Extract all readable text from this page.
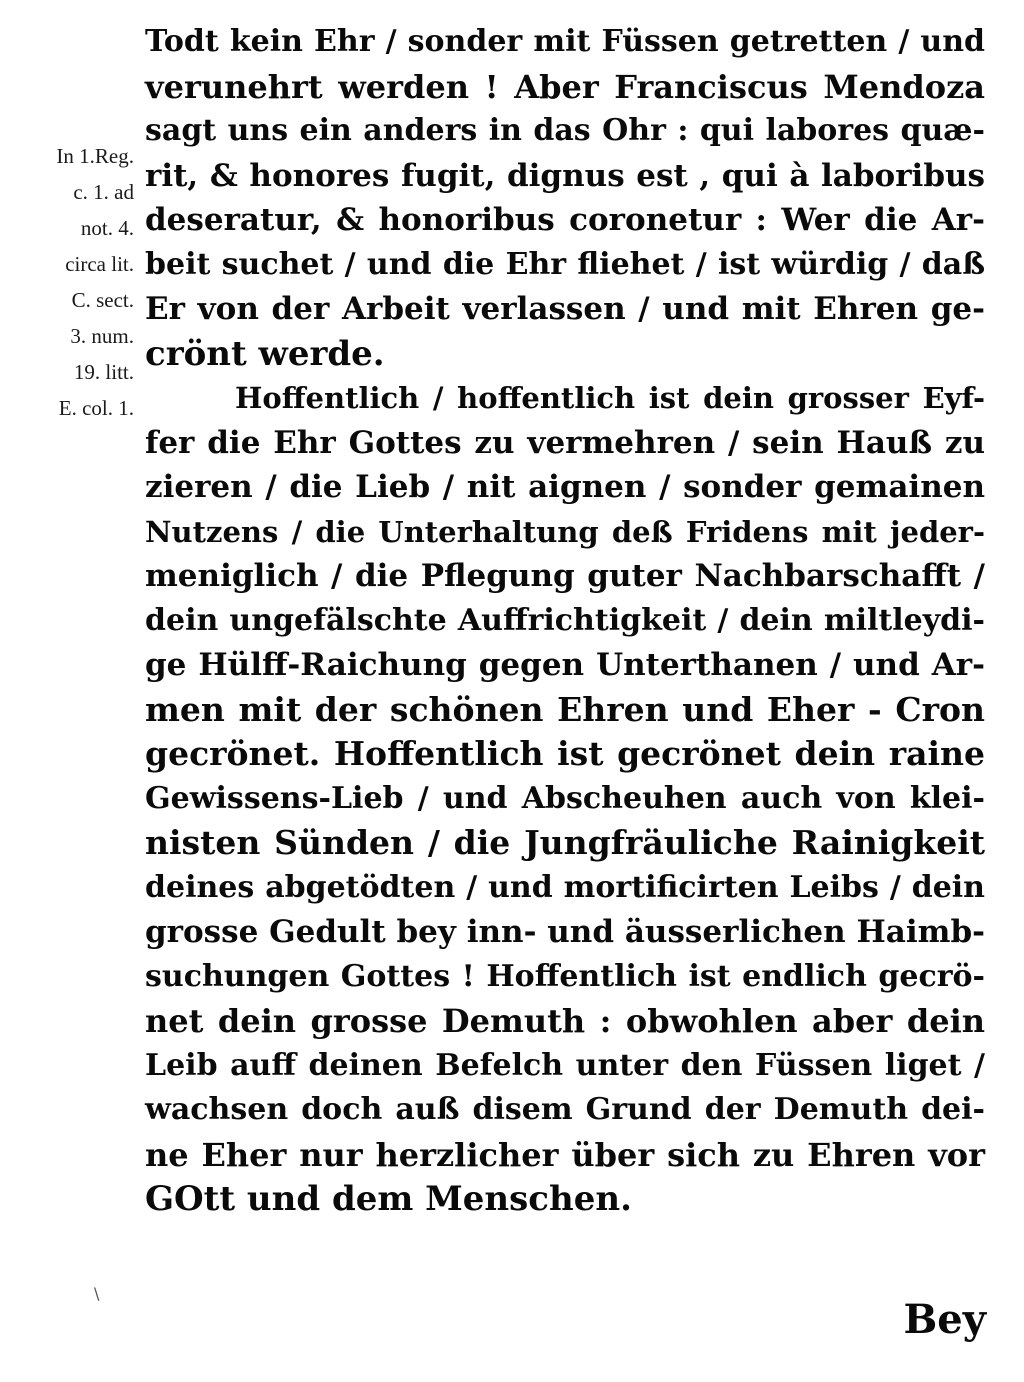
In 1.Reg.
c. 1. ad
not. 4.
circa lit.
C. sect.
3. num.
19. litt.
E. col. 1.
Todt kein Ehr / sonder mit Füssen getretten / und
verunehrt werden ! Aber Franciscus Mendoza
sagt uns ein anders in das Ohr : qui labores quæ-
rit, & honores fugit, dignus est , qui à laboribus
deseratur, & honoribus coronetur : Wer die Ar-
beit suchet / und die Ehr fliehet / ist würdig / daß
Er von der Arbeit verlassen / und mit Ehren ge-
crönt werde.
Hoffentlich / hoffentlich ist dein grosser Eyf-
fer die Ehr Gottes zu vermehren / sein Hauß zu
zieren / die Lieb / nit aignen / sonder gemainen
Nutzens / die Unterhaltung deß Fridens mit jeder-
meniglich / die Pflegung guter Nachbarschafft /
dein ungefälschte Auffrichtigkeit / dein miltleydi-
ge Hülff-Raichung gegen Unterthanen / und Ar-
men mit der schönen Ehren und Eher - Cron
gecrönet. Hoffentlich ist gecrönet dein raine
Gewissens-Lieb / und Abscheuhen auch von klei-
nisten Sünden / die Jungfräuliche Rainigkeit
deines abgetödten / und mortificirten Leibs / dein
grosse Gedult bey inn- und äusserlichen Haimb-
suchungen Gottes ! Hoffentlich ist endlich gecrö-
net dein grosse Demuth : obwohlen aber dein
Leib auff deinen Befelch unter den Füssen liget /
wachsen doch auß disem Grund der Demuth dei-
ne Eher nur herzlicher über sich zu Ehren vor
GOtt und dem Menschen.
\
Bey
